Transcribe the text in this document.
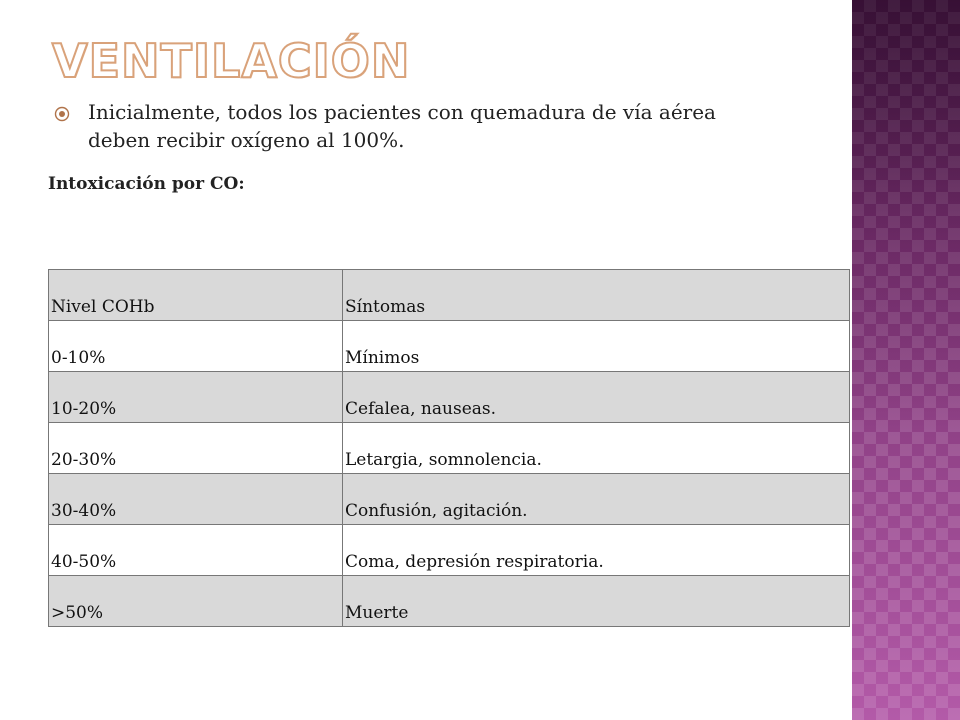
VENTILACIÓN
Inicialmente, todos los pacientes con quemadura de vía aérea deben recibir oxígeno al 100%.
Intoxicación por CO:
Nivel COHb	Síntomas

0-10%	Mínimos

10-20%	Cefalea, nauseas.

20-30%	Letargia, somnolencia.

30-40%	Confusión, agitación.

40-50%	Coma, depresión respiratoria.

>50%	Muerte
